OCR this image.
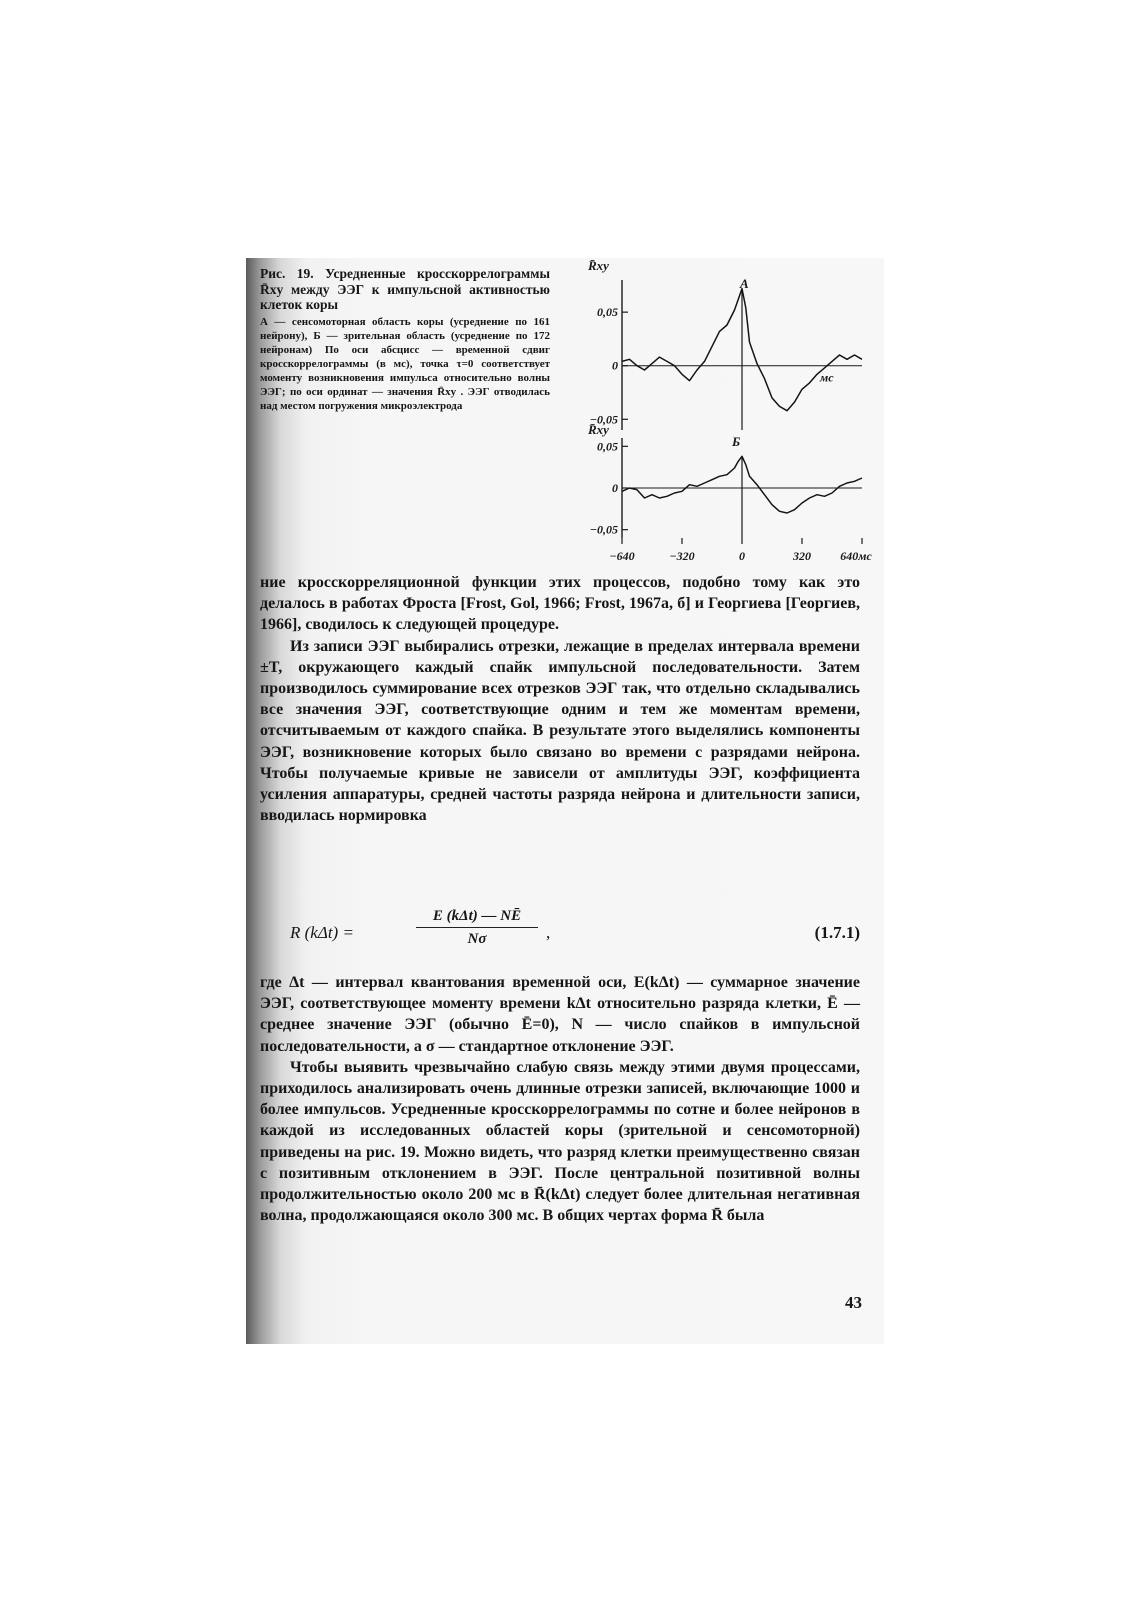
Рис. 19. Усредненные кросскоррелограммы R̄xy между ЭЭГ к импульсной активностью клеток коры
А — сенсомоторная область коры (усреднение по 161 нейрону), Б — зрительная область (усреднение по 172 нейронам) По оси абсцисс — временной сдвиг кросскоррелограммы (в мс), точка τ=0 соответствует моменту возникновения импульса относительно волны ЭЭГ; по оси ординат — значения R̄xy . ЭЭГ отводилась над местом погружения микроэлектрода
R̄xy
0,05
0
−0,05
А
мс
R̄xy
0,05
0
−0,05
Б
−640	−320	0	320 640мс

ние кросскорреляционной функции этих процессов, подобно тому как это делалось в работах Фроста [Frost, Gol, 1966; Frost, 1967а, б] и Георгиева [Георгиев, 1966], сводилось к следующей процедуре.

Из записи ЭЭГ выбирались отрезки, лежащие в пределах интервала времени ±T, окружающего каждый спайк импульсной последовательности. Затем производилось суммирование всех отрезков ЭЭГ так, что отдельно складывались все значения ЭЭГ, соответствующие одним и тем же моментам времени, отсчитываемым от каждого спайка. В результате этого выделялись компоненты ЭЭГ, возникновение которых было связано во времени с разрядами нейрона. Чтобы получаемые кривые не зависели от амплитуды ЭЭГ, коэффициента усиления аппаратуры, средней частоты разряда нейрона и длительности записи, вводилась нормировка

R (kΔt) =
E (kΔt) — NĒ
Nσ	,	(1.7.1)

где Δt — интервал квантования временной оси, E(kΔt) — суммарное значение ЭЭГ, соответствующее моменту времени kΔt относительно разряда клетки, Ē — среднее значение ЭЭГ (обычно Ē=0), N — число спайков в импульсной последовательности, а σ — стандартное отклонение ЭЭГ.

Чтобы выявить чрезвычайно слабую связь между этими двумя процессами, приходилось анализировать очень длинные отрезки записей, включающие 1000 и более импульсов. Усредненные кросскоррелограммы по сотне и более нейронов в каждой из исследованных областей коры (зрительной и сенсомоторной) приведены на рис. 19. Можно видеть, что разряд клетки преимущественно связан с позитивным отклонением в ЭЭГ. После центральной позитивной волны продолжительностью около 200 мс в R̄(kΔt) следует более длительная негативная волна, продолжающаяся около 300 мс. В общих чертах форма R̄ была

43
